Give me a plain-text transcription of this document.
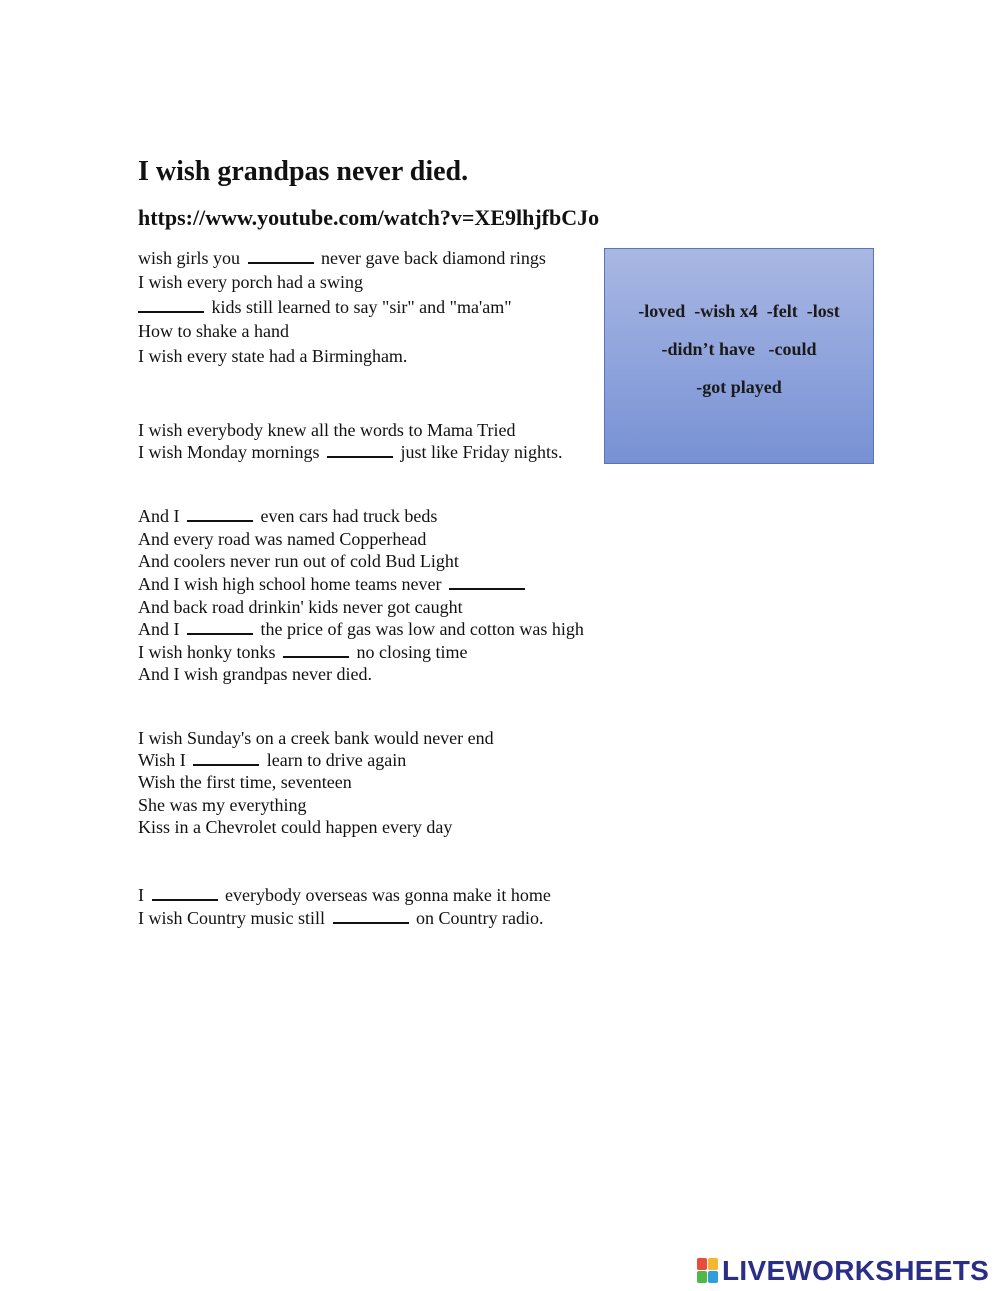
I wish grandpas never died.
https://www.youtube.com/watch?v=XE9lhjfbCJo
wish girls you	never gave back diamond rings
I wish every porch had a swing
kids still learned to say "sir" and "ma'am"
How to shake a hand
I wish every state had a Birmingham.
I wish everybody knew all the words to Mama Tried
I wish Monday mornings	just like Friday nights.
And I	even cars had truck beds
And every road was named Copperhead
And coolers never run out of cold Bud Light
And I wish high school home teams never
And back road drinkin' kids never got caught
And I	the price of gas was low and cotton was high
I wish honky tonks	no closing time
And I wish grandpas never died.
I wish Sunday's on a creek bank would never end
Wish I	learn to drive again
Wish the first time, seventeen
She was my everything
Kiss in a Chevrolet could happen every day
I	everybody overseas was gonna make it home
I wish Country music still	on Country radio.
-loved  -wish x4  -felt  -lost
-didn’t have   -could
-got played
LIVEWORKSHEETS
